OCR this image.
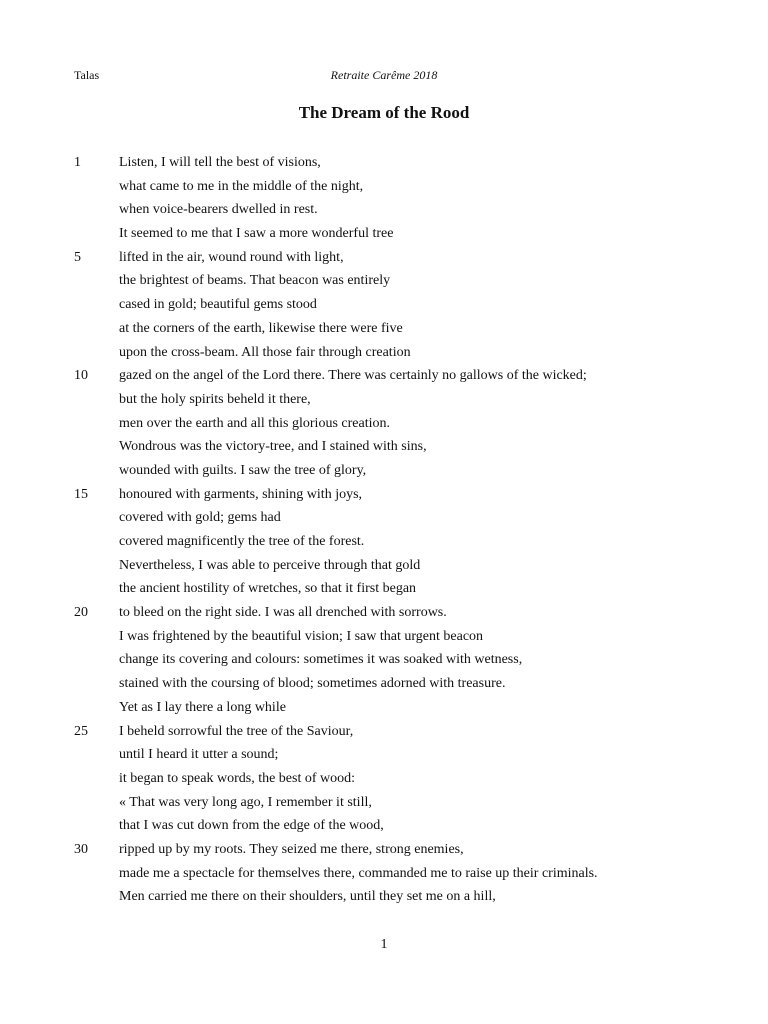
Talas	Retraite Carême 2018
The Dream of the Rood
1	Listen, I will tell the best of visions,
what came to me in the middle of the night,
when voice-bearers dwelled in rest.
It seemed to me that I saw a more wonderful tree
5	lifted in the air, wound round with light,
the brightest of beams. That beacon was entirely
cased in gold; beautiful gems stood
at the corners of the earth, likewise there were five
upon the cross-beam. All those fair through creation
10 gazed on the angel of the Lord there. There was certainly no gallows of the wicked;
but the holy spirits beheld it there,
men over the earth and all this glorious creation.
Wondrous was the victory-tree, and I stained with sins,
wounded with guilts. I saw the tree of glory,
15 honoured with garments, shining with joys,
covered with gold; gems had
covered magnificently the tree of the forest.
Nevertheless, I was able to perceive through that gold
the ancient hostility of wretches, so that it first began
20 to bleed on the right side. I was all drenched with sorrows.
I was frightened by the beautiful vision; I saw that urgent beacon
change its covering and colours: sometimes it was soaked with wetness,
stained with the coursing of blood; sometimes adorned with treasure.
Yet as I lay there a long while
25 I beheld sorrowful the tree of the Saviour,
until I heard it utter a sound;
it began to speak words, the best of wood:
« That was very long ago, I remember it still,
that I was cut down from the edge of the wood,
30 ripped up by my roots. They seized me there, strong enemies,
made me a spectacle for themselves there, commanded me to raise up their criminals.
Men carried me there on their shoulders, until they set me on a hill,
1
